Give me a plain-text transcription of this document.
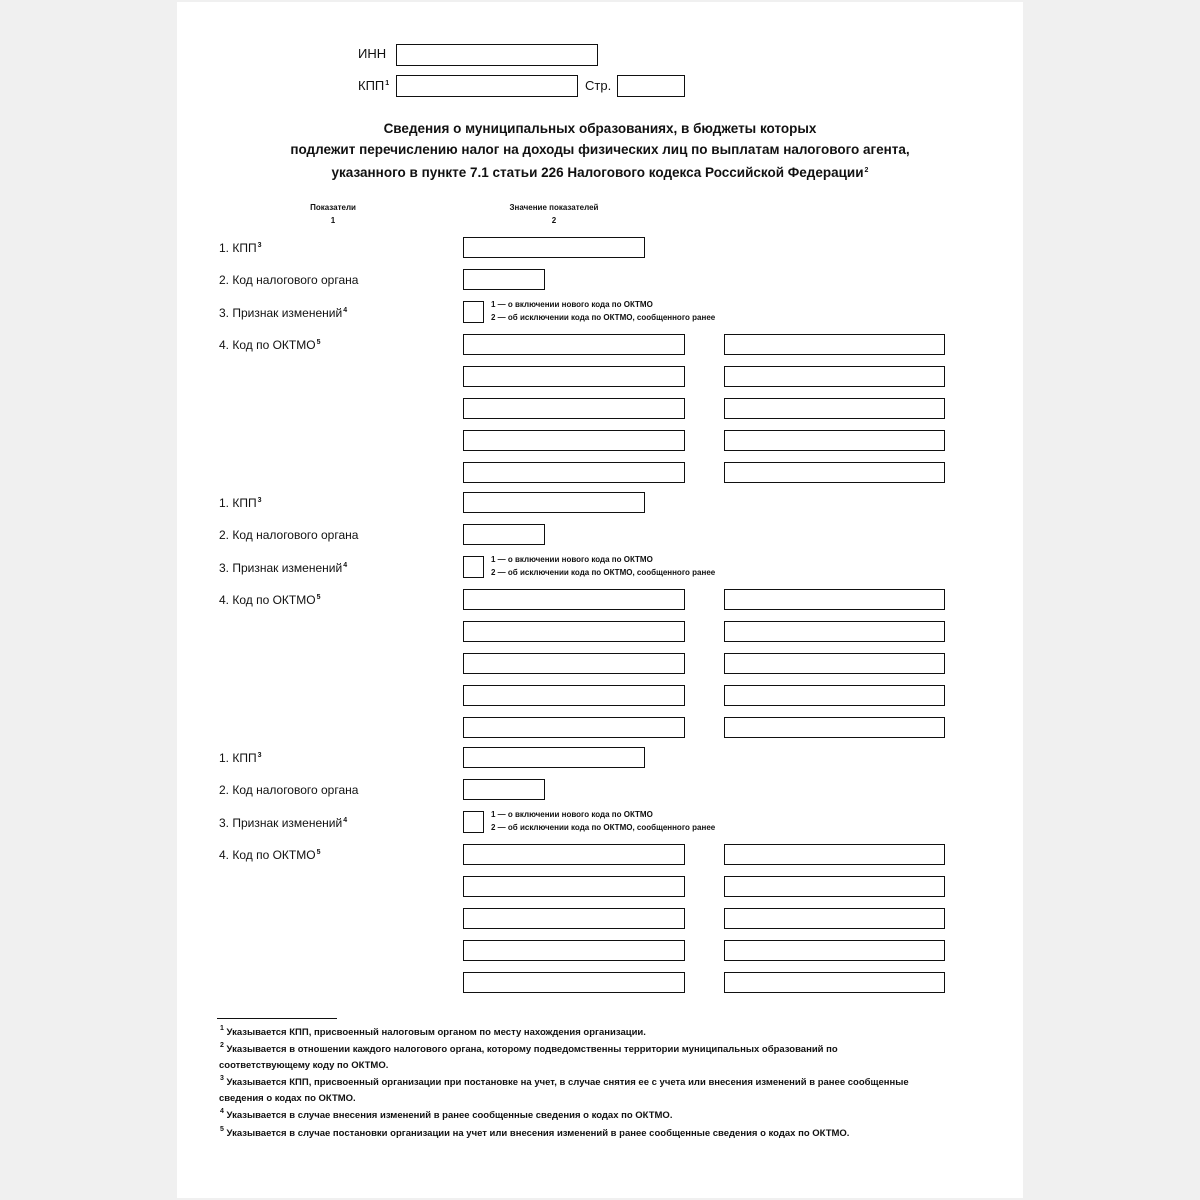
ИНН
КПП$^1$	Стр.
Сведения о муниципальных образованиях, в бюджеты которых
подлежит перечислению налог на доходы физических лиц по выплатам налогового агента,
указанного в пункте 7.1 статьи 226 Налогового кодекса Российской Федерации$^2$
Показатели
1
Значение показателей
2
1. КПП$^3$
2. Код налогового органа
3. Признак изменений$^4$
1 — о включении нового кода по ОКТМО
2 — об исключении кода по ОКТМО, сообщенного ранее
4. Код по ОКТМО$^5$
1. КПП$^3$
2. Код налогового органа
3. Признак изменений$^4$
1 — о включении нового кода по ОКТМО
2 — об исключении кода по ОКТМО, сообщенного ранее
4. Код по ОКТМО$^5$
1. КПП$^3$
2. Код налогового органа
3. Признак изменений$^4$
1 — о включении нового кода по ОКТМО
2 — об исключении кода по ОКТМО, сообщенного ранее
4. Код по ОКТМО$^5$
$^1$ Указывается КПП, присвоенный налоговым органом по месту нахождения организации.
$^2$ Указывается в отношении каждого налогового органа, которому подведомственны территории муниципальных образований по соответствующему коду по ОКТМО.
$^3$ Указывается КПП, присвоенный организации при постановке на учет, в случае снятия ее с учета или внесения изменений в ранее сообщенные сведения о кодах по ОКТМО.
$^4$ Указывается в случае внесения изменений в ранее сообщенные сведения о кодах по ОКТМО.
$^5$ Указывается в случае постановки организации на учет или внесения изменений в ранее сообщенные сведения о кодах по ОКТМО.
